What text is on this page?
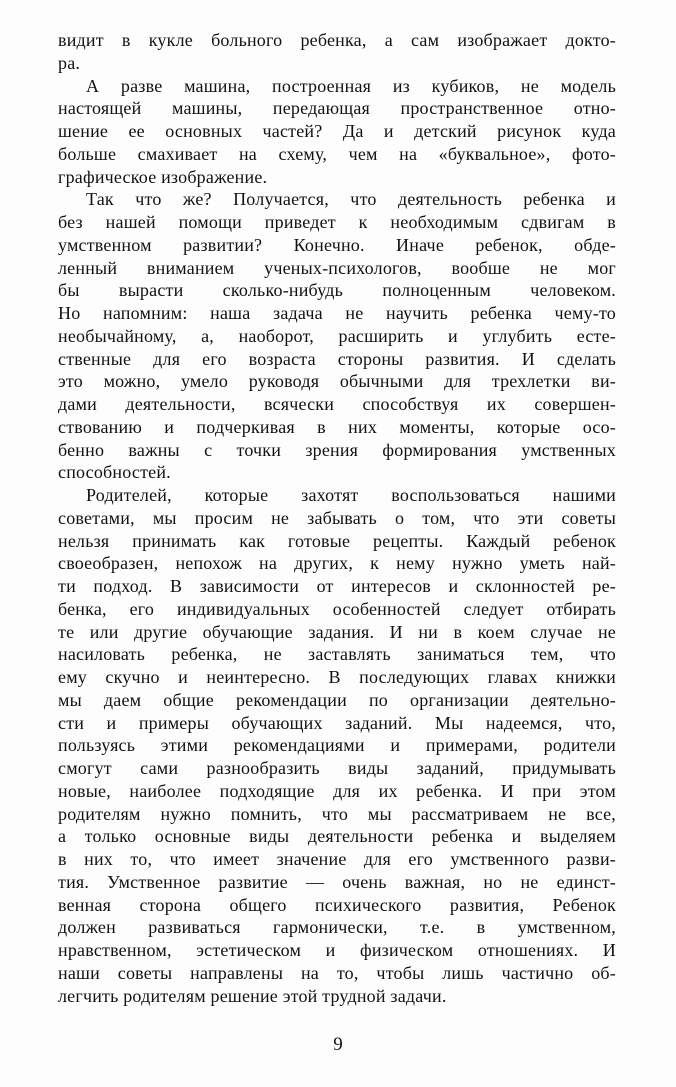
видит в кукле больного ребенка, а сам изображает докто-
ра.
А разве машина, построенная из кубиков, не модель
настоящей машины, передающая пространственное отно-
шение ее основных частей? Да и детский рисунок куда
больше смахивает на схему, чем на «буквальное», фото-
графическое изображение.
Так что же? Получается, что деятельность ребенка и
без нашей помощи приведет к необходимым сдвигам в
умственном развитии? Конечно. Иначе ребенок, обде-
ленный вниманием ученых-психологов, вообше не мог
бы вырасти сколько-нибудь полноценным человеком.
Но напомним: наша задача не научить ребенка чему-то
необычайному, а, наоборот, расширить и углубить есте-
ственные для его возраста стороны развития. И сделать
это можно, умело руководя обычными для трехлетки ви-
дами деятельности, всячески способствуя их совершен-
ствованию и подчеркивая в них моменты, которые осо-
бенно важны с точки зрения формирования умственных
способностей.
Родителей, которые захотят воспользоваться нашими
советами, мы просим не забывать о том, что эти советы
нельзя принимать как готовые рецепты. Каждый ребенок
своеобразен, непохож на других, к нему нужно уметь най-
ти подход. В зависимости от интересов и склонностей ре-
бенка, его индивидуальных особенностей следует отбирать
те или другие обучающие задания. И ни в коем случае не
насиловать ребенка, не заставлять заниматься тем, что
ему скучно и неинтересно. В последующих главах книжки
мы даем общие рекомендации по организации деятельно-
сти и примеры обучающих заданий. Мы надеемся, что,
пользуясь этими рекомендациями и примерами, родители
смогут сами разнообразить виды заданий, придумывать
новые, наиболее подходящие для их ребенка. И при этом
родителям нужно помнить, что мы рассматриваем не все,
а только основные виды деятельности ребенка и выделяем
в них то, что имеет значение для его умственного разви-
тия. Умственное развитие — очень важная, но не единст-
венная сторона общего психического развития, Ребенок
должен развиваться гармонически, т.е. в умственном,
нравственном, эстетическом и физическом отношениях. И
наши советы направлены на то, чтобы лишь частично об-
легчить родителям решение этой трудной задачи.
9
